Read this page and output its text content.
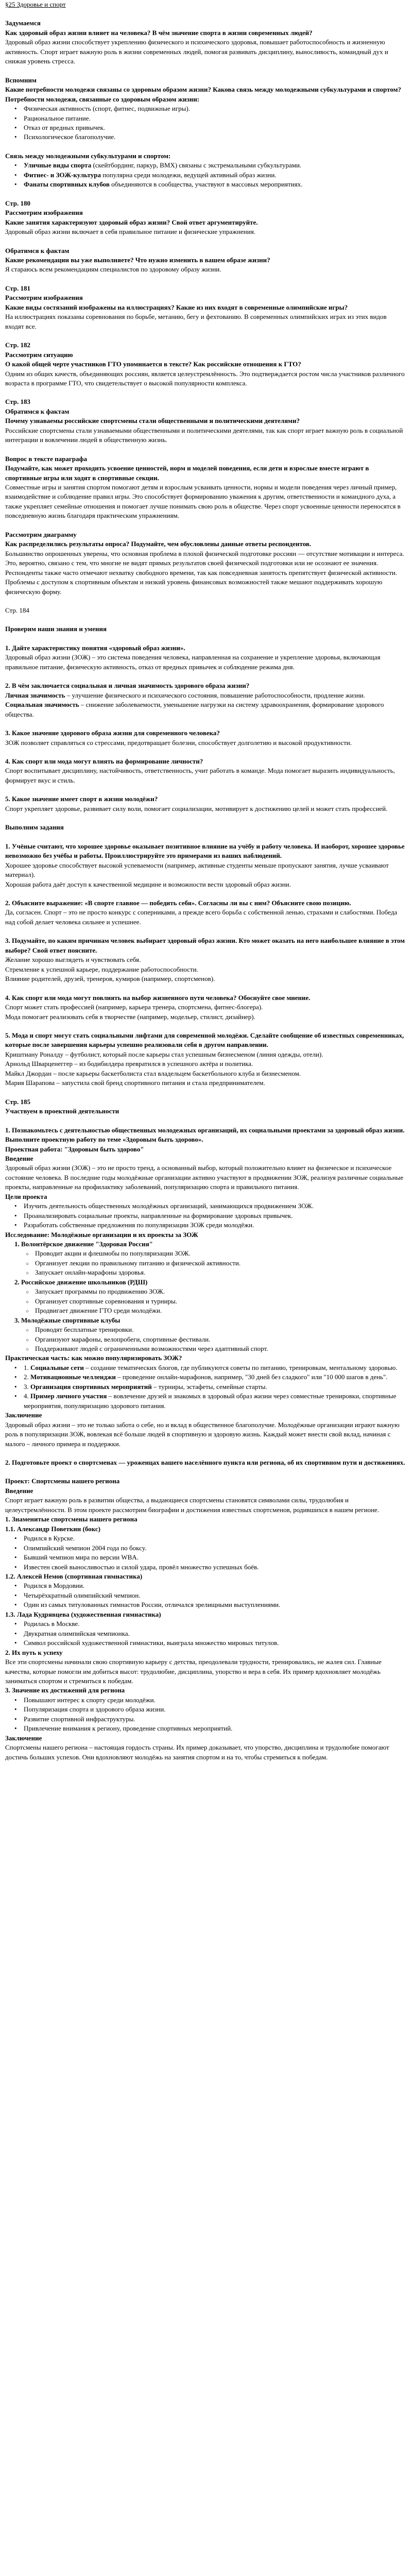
§25 Здоровье и спорт

Задумаемся

Как здоровый образ жизни влияет на человека? В чём значение спорта в жизни современных людей?

Здоровый образ жизни способствует укреплению физического и психического здоровья, повышает работоспособность и жизненную активность. Спорт играет важную роль в жизни современных людей, помогая развивать дисциплину, выносливость, командный дух и снижая уровень стресса.

Вспомним

Какие потребности молодежи связаны со здоровым образом жизни? Какова связь между молодежными субкультурами и спортом?

Потребности молодежи, связанные со здоровым образом жизни:

•
Физическая активность (спорт, фитнес, подвижные игры).
•
Рациональное питание.
•
Отказ от вредных привычек.
•
Психологическое благополучие.

Связь между молодежными субкультурами и спортом:

•
Уличные виды спорта (скейтбординг, паркур, BMX) связаны с экстремальными субкультурами.
•
Фитнес- и ЗОЖ-культура популярна среди молодежи, ведущей активный образ жизни.
•
Фанаты спортивных клубов объединяются в сообщества, участвуют в массовых мероприятиях.

Стр. 180

Рассмотрим изображения

Какие занятия характеризуют здоровый образ жизни? Свой ответ аргументируйте.

Здоровый образ жизни включает в себя правильное питание и физические упражнения.

Обратимся к фактам

Какие рекомендации вы уже выполняете? Что нужно изменить в вашем образе жизни?

Я стараюсь всем рекомендациям специалистов по здоровому образу жизни.

Стр. 181

Рассмотрим изображения

Какие виды состязаний изображены на иллюстрациях? Какие из них входят в современные олимпийские игры?

На иллюстрациях показаны соревнования по борьбе, метанию, бегу и фехтованию. В современных олимпийских играх из этих видов входят все.

Стр. 182

Рассмотрим ситуацию

О какой общей черте участников ГТО упоминается в тексте? Как российские отношения к ГТО?

Одним из общих качеств, объединяющих россиян, является целеустремлённость. Это подтверждается ростом числа участников различного возраста в программе ГТО, что свидетельствует о высокой популярности комплекса.

Стр. 183

Обратимся к фактам

Почему узнаваемы российские спортсмены стали общественными и политическими деятелями?

Российские спортсмены стали узнаваемыми общественными и политическими деятелями, так как спорт играет важную роль в социальной интеграции и вовлечении людей в общественную жизнь.

Вопрос в тексте параграфа

Подумайте, как может проходить усвоение ценностей, норм и моделей поведения, если дети и взрослые вместе играют в спортивные игры или ходят в спортивные секции.

Совместные игры и занятия спортом помогают детям и взрослым усваивать ценности, нормы и модели поведения через личный пример, взаимодействие и соблюдение правил игры. Это способствует формированию уважения к другим, ответственности и командного духа, а также укрепляет семейные отношения и помогает лучше понимать свою роль в обществе. Через спорт усвоенные ценности переносятся в повседневную жизнь благодаря практическим упражнениям.

Рассмотрим диаграмму

Как распределились результаты опроса? Подумайте, чем обусловлены данные ответы респондентов.

Большинство опрошенных уверены, что основная проблема в плохой физической подготовке россиян — отсутствие мотивации и интереса. Это, вероятно, связано с тем, что многие не видят прямых результатов своей физической подготовки или не осознают ее значения. Респонденты также часто отмечают нехватку свободного времени, так как повседневная занятость препятствует физической активности. Проблемы с доступом к спортивным объектам и низкий уровень финансовых возможностей также мешают поддерживать хорошую физическую форму.

Стр. 184

Проверим наши знания и умения

1. Дайте характеристику понятия «здоровый образ жизни».

Здоровый образ жизни (ЗОЖ) – это система поведения человека, направленная на сохранение и укрепление здоровья, включающая правильное питание, физическую активность, отказ от вредных привычек и соблюдение режима дня.

2. В чём заключается социальная и личная значимость здорового образа жизни?

Личная значимость – улучшение физического и психического состояния, повышение работоспособности, продление жизни.

Социальная значимость – снижение заболеваемости, уменьшение нагрузки на систему здравоохранения, формирование здорового общества.

3. Какое значение здорового образа жизни для современного человека?

ЗОЖ позволяет справляться со стрессами, предотвращает болезни, способствует долголетию и высокой продуктивности.

4. Как спорт или мода могут влиять на формирование личности?

Спорт воспитывает дисциплину, настойчивость, ответственность, учит работать в команде. Мода помогает выразить индивидуальность, формирует вкус и стиль.

5. Какое значение имеет спорт в жизни молодёжи?

Спорт укрепляет здоровье, развивает силу воли, помогает социализации, мотивирует к достижению целей и может стать профессией.

Выполним задания

1. Учёные считают, что хорошее здоровье оказывает позитивное влияние на учёбу и работу человека. И наоборот, хорошее здоровье невозможно без учёбы и работы. Проиллюстрируйте это примерами из ваших наблюдений.

Хорошее здоровье способствует высокой успеваемости (например, активные студенты меньше пропускают занятия, лучше усваивают материал).

Хорошая работа даёт доступ к качественной медицине и возможности вести здоровый образ жизни.

2. Объясните выражение: «В спорте главное — победить себя». Согласны ли вы с ним? Объясните свою позицию.

Да, согласен. Спорт – это не просто конкурс с соперниками, а прежде всего борьба с собственной ленью, страхами и слабостями. Победа над собой делает человека сильнее и успешнее.

3. Подумайте, по каким причинам человек выбирает здоровый образ жизни. Кто может оказать на него наибольшее влияние в этом выборе? Свой ответ поясните.

Желание хорошо выглядеть и чувствовать себя.

Стремление к успешной карьере, поддержание работоспособности.

Влияние родителей, друзей, тренеров, кумиров (например, спортсменов).

4. Как спорт или мода могут повлиять на выбор жизненного пути человека? Обоснуйте свое мнение.

Спорт может стать профессией (например, карьера тренера, спортсмена, фитнес-блогера).

Мода помогает реализовать себя в творчестве (например, модельер, стилист, дизайнер).

5. Мода и спорт могут стать социальными лифтами для современной молодёжи. Сделайте сообщение об известных современниках, которые после завершения карьеры успешно реализовали себя в другом направлении.

Криштиану Роналду – футболист, который после карьеры стал успешным бизнесменом (линия одежды, отели).

Арнольд Шварценеггер – из бодибилдера превратился в успешного актёра и политика.

Майкл Джордан – после карьеры баскетболиста стал владельцем баскетбольного клуба и бизнесменом.

Мария Шарапова – запустила свой бренд спортивного питания и стала предпринимателем.

Стр. 185

Участвуем в проектной деятельности

1. Познакомьтесь с деятельностью общественных молодежных организаций, их социальными проектами за здоровый образ жизни. Выполните проектную работу по теме «Здоровым быть здорово».

Проектная работа: "Здоровым быть здорово"

Введение

Здоровый образ жизни (ЗОЖ) – это не просто тренд, а основанный выбор, который положительно влияет на физическое и психическое состояние человека. В последние годы молодёжные организации активно участвуют в продвижении ЗОЖ, реализуя различные социальные проекты, направленные на профилактику заболеваний, популяризацию спорта и правильного питания.

Цели проекта

•
Изучить деятельность общественных молодёжных организаций, занимающихся продвижением ЗОЖ.
•
Проанализировать социальные проекты, направленные на формирование здоровых привычек.
•
Разработать собственные предложения по популяризации ЗОЖ среди молодёжи.

Исследование: Молодёжные организации и их проекты за ЗОЖ

1. Волонтёрское движение "Здоровая Россия"

○
Проводит акции и флешмобы по популяризации ЗОЖ.
○
Организует лекции по правильному питанию и физической активности.
○
Запускает онлайн-марафоны здоровья.

2. Российское движение школьников (РДШ)

○
Запускает программы по продвижению ЗОЖ.
○
Организует спортивные соревнования и турниры.
○
Продвигает движение ГТО среди молодёжи.

3. Молодёжные спортивные клубы

○
Проводят бесплатные тренировки.
○
Организуют марафоны, велопробеги, спортивные фестивали.
○
Поддерживают людей с ограниченными возможностями через адаптивный спорт.

Практическая часть: как можно популяризировать ЗОЖ?

•
1. Социальные сети – создание тематических блогов, где публикуются советы по питанию, тренировкам, ментальному здоровью.
•
2. Мотивационные челленджи – проведение онлайн-марафонов, например, "30 дней без сладкого" или "10 000 шагов в день".
•
3. Организация спортивных мероприятий – турниры, эстафеты, семейные старты.
•
4. Пример личного участия – вовлечение друзей и знакомых в здоровый образ жизни через совместные тренировки, спортивные мероприятия, популяризацию здорового питания.

Заключение

Здоровый образ жизни – это не только забота о себе, но и вклад в общественное благополучие. Молодёжные организации играют важную роль в популяризации ЗОЖ, вовлекая всё больше людей в спортивную и здоровую жизнь. Каждый может внести свой вклад, начиная с малого – личного примера и поддержки.

2. Подготовьте проект о спортсменах — уроженцах вашего населённого пункта или региона, об их спортивном пути и достижениях.

Проект: Спортсмены нашего региона

Введение

Спорт играет важную роль в развитии общества, а выдающиеся спортсмены становятся символами силы, трудолюбия и целеустремлённости. В этом проекте рассмотрим биографии и достижения известных спортсменов, родившихся в нашем регионе.

1. Знаменитые спортсмены нашего региона

1.1. Александр Поветкин (бокс)

•
Родился в Курске.
•
Олимпийский чемпион 2004 года по боксу.
•
Бывший чемпион мира по версии WBA.
•
Известен своей выносливостью и силой удара, провёл множество успешных боёв.

1.2. Алексей Немов (спортивная гимнастика)

•
Родился в Мордовии.
•
Четырёхкратный олимпийский чемпион.
•
Один из самых титулованных гимнастов России, отличался зрелищными выступлениями.

1.3. Лада Кудрявцева (художественная гимнастика)

•
Родилась в Москве.
•
Двукратная олимпийская чемпионка.
•
Символ российской художественной гимнастики, выиграла множество мировых титулов.

2. Их путь к успеху

Все эти спортсмены начинали свою спортивную карьеру с детства, преодолевали трудности, тренировались, не жалея сил. Главные качества, которые помогли им добиться высот: трудолюбие, дисциплина, упорство и вера в себя. Их пример вдохновляет молодёжь заниматься спортом и стремиться к победам.

3. Значение их достижений для региона

•
Повышают интерес к спорту среди молодёжи.
•
Популяризация спорта и здорового образа жизни.
•
Развитие спортивной инфраструктуры.
•
Привлечение внимания к региону, проведение спортивных мероприятий.

Заключение

Спортсмены нашего региона – настоящая гордость страны. Их пример доказывает, что упорство, дисциплина и трудолюбие помогают достичь больших успехов. Они вдохновляют молодёжь на занятия спортом и на то, чтобы стремиться к победам.
